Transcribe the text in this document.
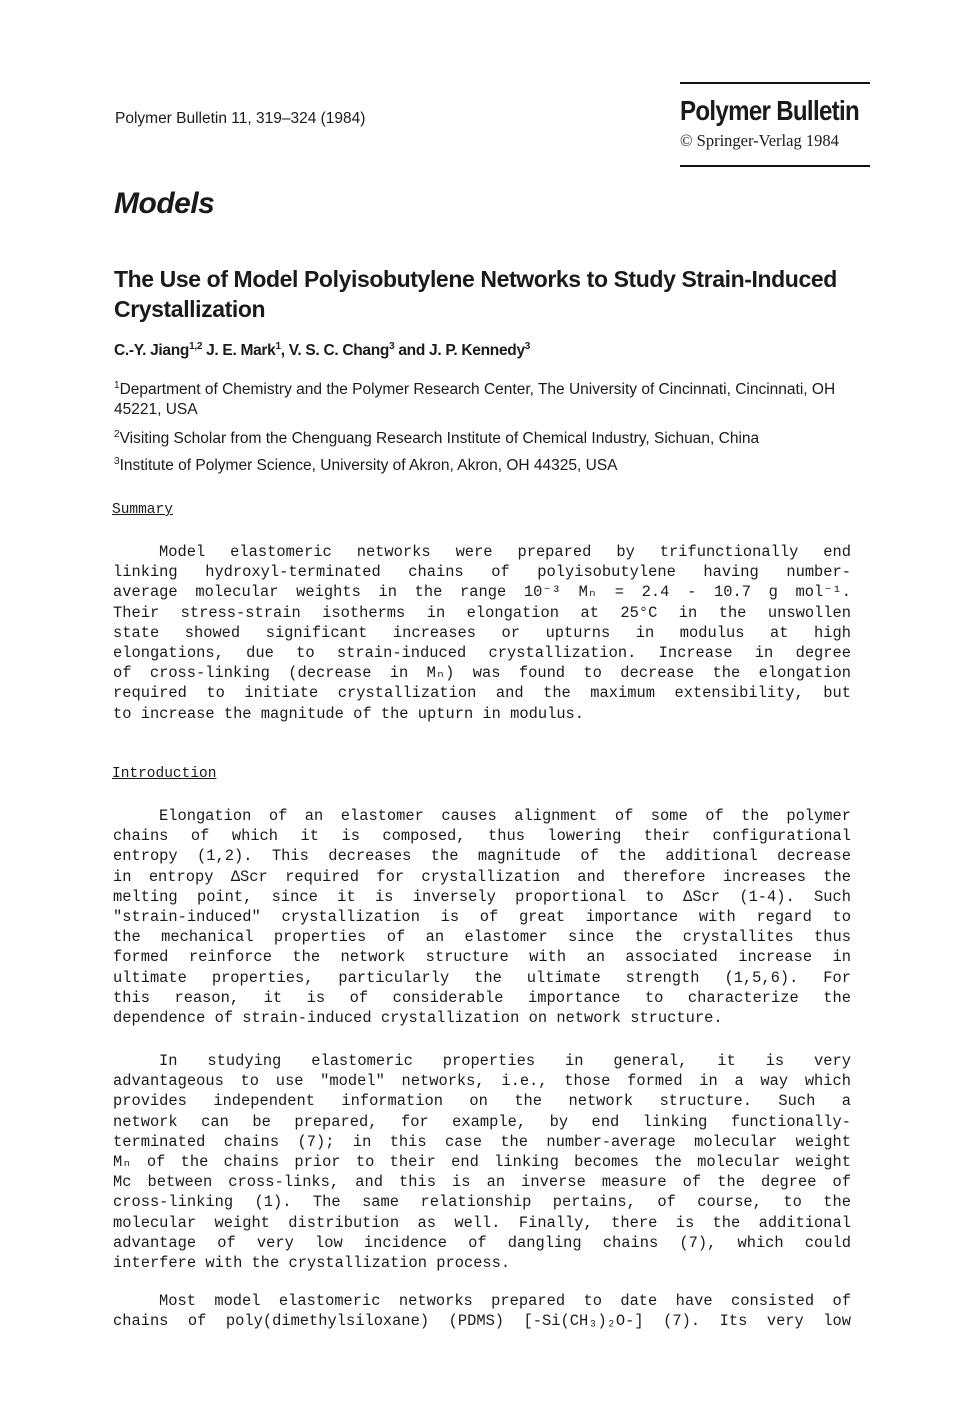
Polymer Bulletin 11, 319–324 (1984)	Polymer Bulletin
© Springer-Verlag 1984
Models
The Use of Model Polyisobutylene Networks to Study Strain-Induced Crystallization
C.-Y. Jiang$^{1,2}$ J. E. Mark$^1$, V. S. C. Chang$^3$ and J. P. Kennedy$^3$
$^1$Department of Chemistry and the Polymer Research Center, The University of Cincinnati, Cincinnati, OH 45221, USA
$^2$Visiting Scholar from the Chenguang Research Institute of Chemical Industry, Sichuan, China
$^3$Institute of Polymer Science, University of Akron, Akron, OH 44325, USA
Summary
Model elastomeric networks were prepared by trifunctionally end
linking hydroxyl-terminated chains of polyisobutylene having number-
average molecular weights in the range 10⁻³ Mₙ = 2.4 - 10.7 g mol⁻¹.
Their stress-strain isotherms in elongation at 25°C in the unswollen
state showed significant increases or upturns in modulus at high
elongations, due to strain-induced crystallization. Increase in degree
of cross-linking (decrease in Mₙ) was found to decrease the elongation
required to initiate crystallization and the maximum extensibility, but
to increase the magnitude of the upturn in modulus.
Introduction
Elongation of an elastomer causes alignment of some of the polymer
chains of which it is composed, thus lowering their configurational
entropy (1,2). This decreases the magnitude of the additional decrease
in entropy ΔScr required for crystallization and therefore increases the
melting point, since it is inversely proportional to ΔScr (1-4). Such
"strain-induced" crystallization is of great importance with regard to
the mechanical properties of an elastomer since the crystallites thus
formed reinforce the network structure with an associated increase in
ultimate properties, particularly the ultimate strength (1,5,6). For
this reason, it is of considerable importance to characterize the
dependence of strain-induced crystallization on network structure.
In studying elastomeric properties in general, it is very
advantageous to use "model" networks, i.e., those formed in a way which
provides independent information on the network structure. Such a
network can be prepared, for example, by end linking functionally-
terminated chains (7); in this case the number-average molecular weight
Mₙ of the chains prior to their end linking becomes the molecular weight
Mc between cross-links, and this is an inverse measure of the degree of
cross-linking (1). The same relationship pertains, of course, to the
molecular weight distribution as well. Finally, there is the additional
advantage of very low incidence of dangling chains (7), which could
interfere with the crystallization process.
Most model elastomeric networks prepared to date have consisted of
chains of poly(dimethylsiloxane) (PDMS) [-Si(CH₃)₂O-] (7). Its very low
